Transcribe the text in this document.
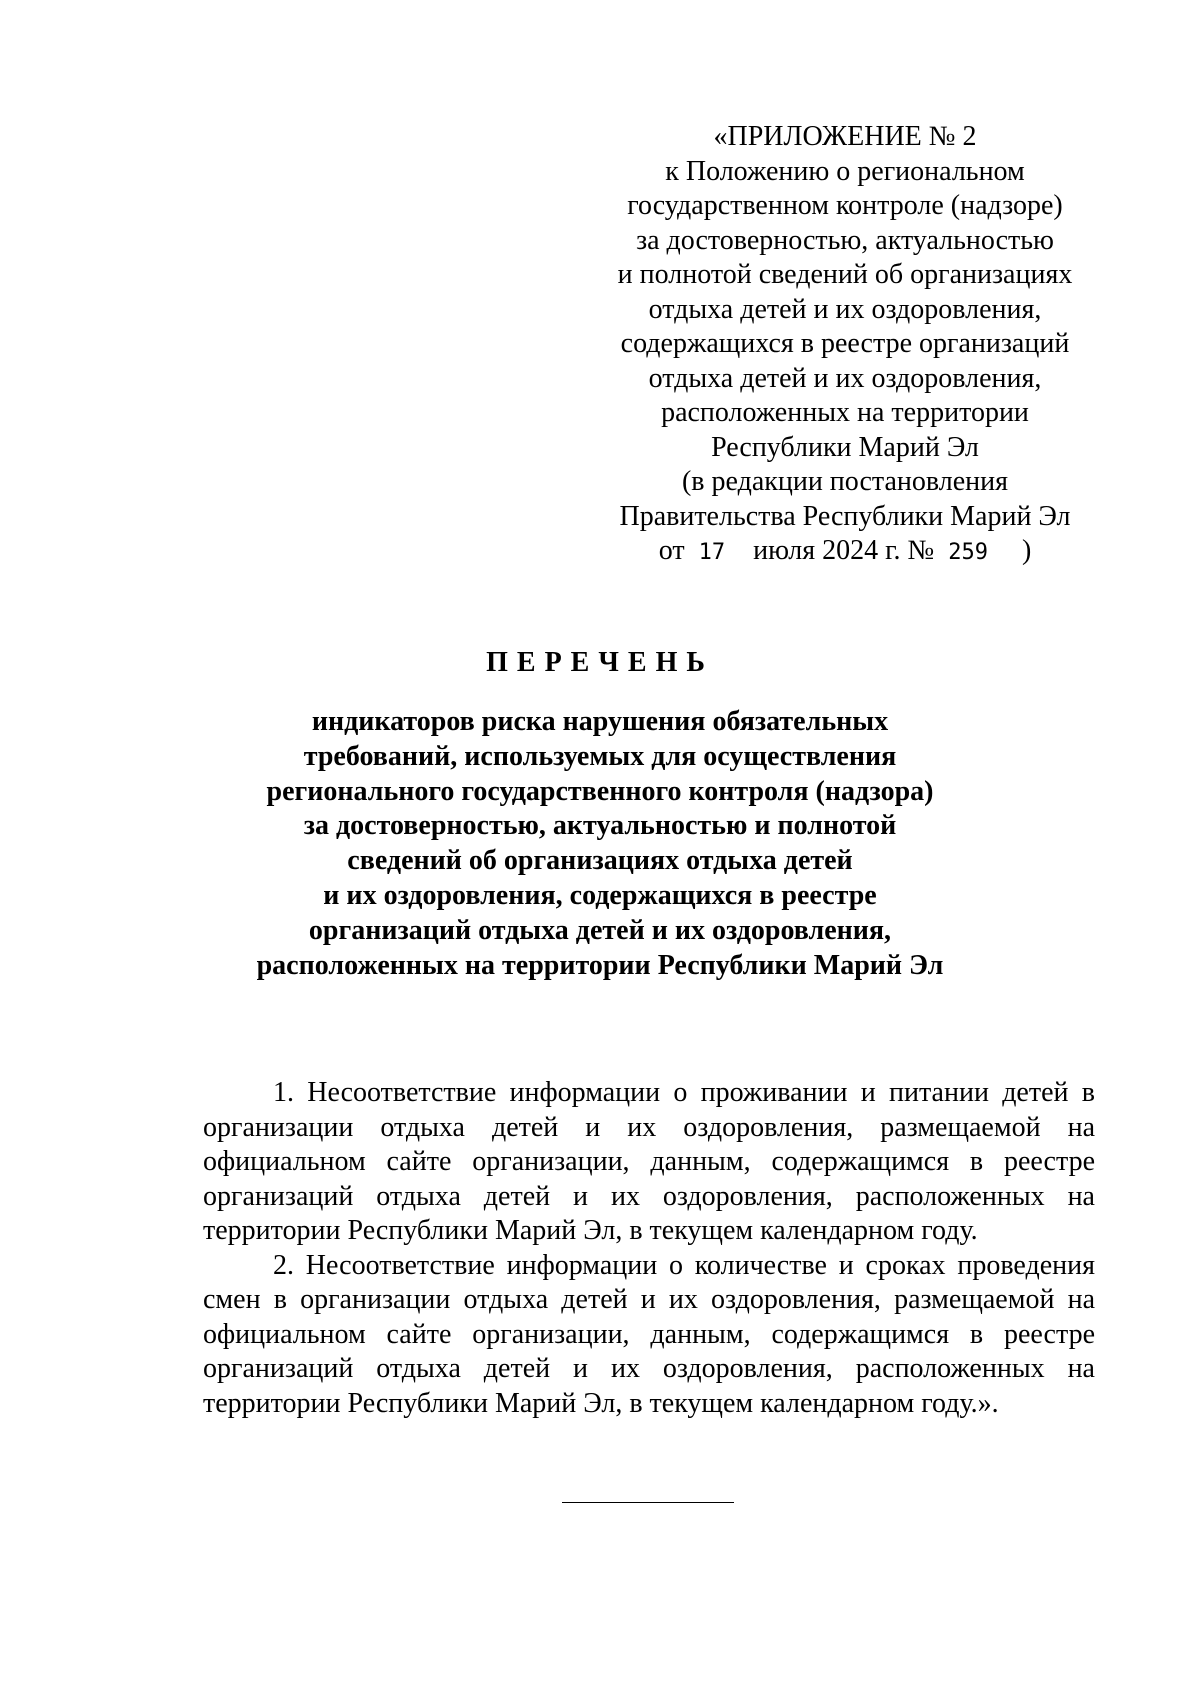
«ПРИЛОЖЕНИЕ № 2
к Положению о региональном
государственном контроле (надзоре)
за достоверностью, актуальностью
и полнотой сведений об организациях
отдыха детей и их оздоровления,
содержащихся в реестре организаций
отдыха детей и их оздоровления,
расположенных на территории
Республики Марий Эл
(в редакции постановления
Правительства Республики Марий Эл
от 17 июля 2024 г. № 259 )
ПЕРЕЧЕНЬ
индикаторов риска нарушения обязательных
требований, используемых для осуществления
регионального государственного контроля (надзора)
за достоверностью, актуальностью и полнотой
сведений об организациях отдыха детей
и их оздоровления, содержащихся в реестре
организаций отдыха детей и их оздоровления,
расположенных на территории Республики Марий Эл

1. Несоответствие информации о проживании и питании детей в организации отдыха детей и их оздоровления, размещаемой на официальном сайте организации, данным, содержащимся в реестре организаций отдыха детей и их оздоровления, расположенных на территории Республики Марий Эл, в текущем календарном году.

2. Несоответствие информации о количестве и сроках проведения смен в организации отдыха детей и их оздоровления, размещаемой на официальном сайте организации, данным, содержащимся в реестре организаций отдыха детей и их оздоровления, расположенных на территории Республики Марий Эл, в текущем календарном году.».
